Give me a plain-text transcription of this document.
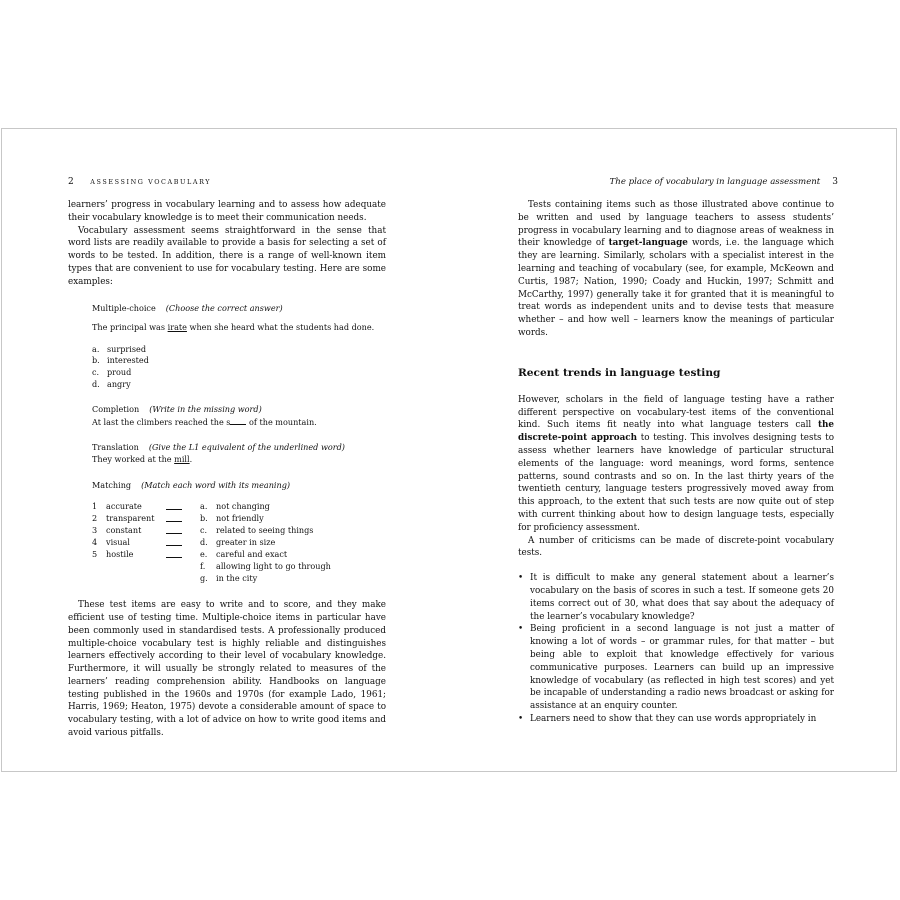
2	ASSESSING VOCABULARY

learners’ progress in vocabulary learning and to assess how adequate their vocabulary knowledge is to meet their communication needs.

Vocabulary assessment seems straightforward in the sense that word lists are readily available to provide a basis for selecting a set of words to be tested. In addition, there is a range of well-known item types that are convenient to use for vocabulary testing. Here are some examples:

Multiple-choice (Choose the correct answer)
The principal was irate when she heard what the students had done.
a. surprised
b. interested
c. proud
d. angry
Completion (Write in the missing word)
At last the climbers reached the s of the mountain.
Translation (Give the L1 equivalent of the underlined word)
They worked at the mill.
Matching (Match each word with its meaning)
1	accurate	a.	not changing
2	transparent	b.	not friendly
3	constant	c.	related to seeing things
4	visual	d.	greater in size
5	hostile	e.	careful and exact
f.	allowing light to go through
g.	in the city

These test items are easy to write and to score, and they make efficient use of testing time. Multiple-choice items in particular have been commonly used in standardised tests. A professionally produced multiple-choice vocabulary test is highly reliable and distinguishes learners effectively according to their level of vocabulary knowledge. Furthermore, it will usually be strongly related to measures of the learners’ reading comprehension ability. Handbooks on language testing published in the 1960s and 1970s (for example Lado, 1961; Harris, 1969; Heaton, 1975) devote a considerable amount of space to vocabulary testing, with a lot of advice on how to write good items and avoid various pitfalls.

The place of vocabulary in language assessment 3

Tests containing items such as those illustrated above continue to be written and used by language teachers to assess students’ progress in vocabulary learning and to diagnose areas of weakness in their knowledge of target-language words, i.e. the language which they are learning. Similarly, scholars with a specialist interest in the learning and teaching of vocabulary (see, for example, McKeown and Curtis, 1987; Nation, 1990; Coady and Huckin, 1997; Schmitt and McCarthy, 1997) generally take it for granted that it is meaningful to treat words as independent units and to devise tests that measure whether – and how well – learners know the meanings of particular words.

Recent trends in language testing

However, scholars in the field of language testing have a rather different perspective on vocabulary-test items of the conventional kind. Such items fit neatly into what language testers call the discrete-point approach to testing. This involves designing tests to assess whether learners have knowledge of particular structural elements of the language: word meanings, word forms, sentence patterns, sound contrasts and so on. In the last thirty years of the twentieth century, language testers progressively moved away from this approach, to the extent that such tests are now quite out of step with current thinking about how to design language tests, especially for proficiency assessment.

A number of criticisms can be made of discrete-point vocabulary tests.

• It is difficult to make any general statement about a learner’s vocabulary on the basis of scores in such a test. If someone gets 20 items correct out of 30, what does that say about the adequacy of the learner’s vocabulary knowledge?
• Being proficient in a second language is not just a matter of knowing a lot of words – or grammar rules, for that matter – but being able to exploit that knowledge effectively for various communicative purposes. Learners can build up an impressive knowledge of vocabulary (as reflected in high test scores) and yet be incapable of understanding a radio news broadcast or asking for assistance at an enquiry counter.
• Learners need to show that they can use words appropriately in
